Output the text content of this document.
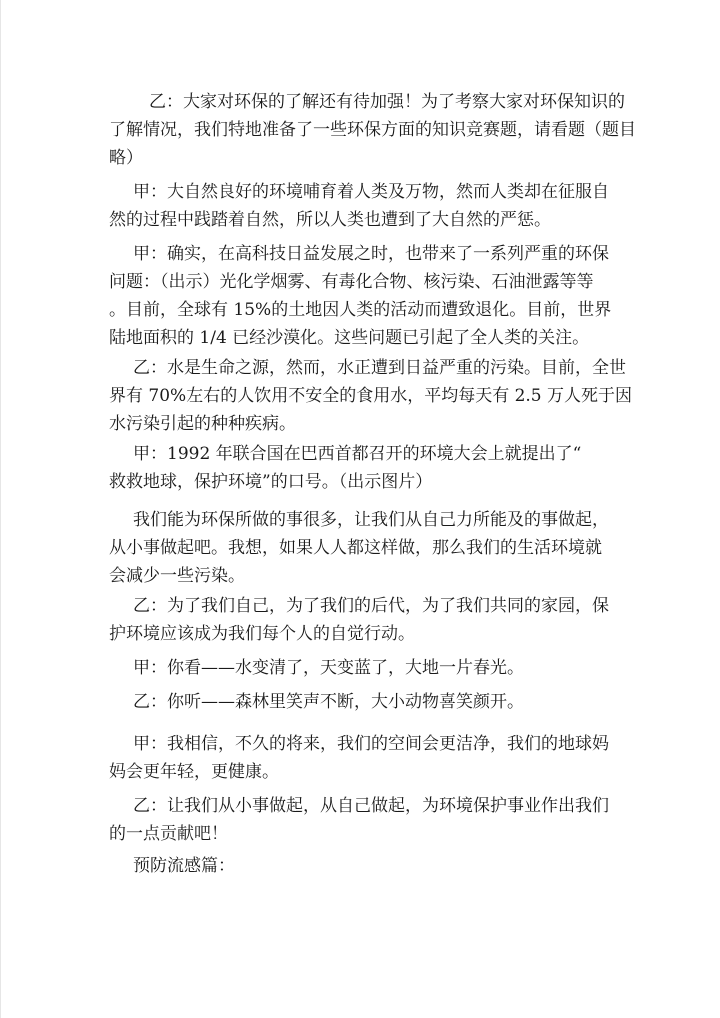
乙：大家对环保的了解还有待加强！为了考察大家对环保知识的
了解情况，我们特地准备了一些环保方面的知识竞赛题，请看题（题目
略）

甲：大自然良好的环境哺育着人类及万物，然而人类却在征服自
然的过程中践踏着自然，所以人类也遭到了大自然的严惩。

甲：确实，在高科技日益发展之时，也带来了一系列严重的环保
问题：（出示）光化学烟雾、有毒化合物、核污染、石油泄露等等
。目前，全球有 15%的土地因人类的活动而遭致退化。目前，世界
陆地面积的 1/4 已经沙漠化。这些问题已引起了全人类的关注。

乙：水是生命之源，然而，水正遭到日益严重的污染。目前，全世
界有 70%左右的人饮用不安全的食用水，平均每天有 2.5 万人死于因
水污染引起的种种疾病。

甲：1992 年联合国在巴西首都召开的环境大会上就提出了“
救救地球，保护环境”的口号。（出示图片）

我们能为环保所做的事很多，让我们从自己力所能及的事做起，
从小事做起吧。我想，如果人人都这样做，那么我们的生活环境就
会减少一些污染。

乙：为了我们自己，为了我们的后代，为了我们共同的家园，保
护环境应该成为我们每个人的自觉行动。

甲：你看——水变清了，天变蓝了，大地一片春光。

乙：你听——森林里笑声不断，大小动物喜笑颜开。

甲：我相信，不久的将来，我们的空间会更洁净，我们的地球妈
妈会更年轻，更健康。

乙：让我们从小事做起，从自己做起，为环境保护事业作出我们
的一点贡献吧！

预防流感篇：
